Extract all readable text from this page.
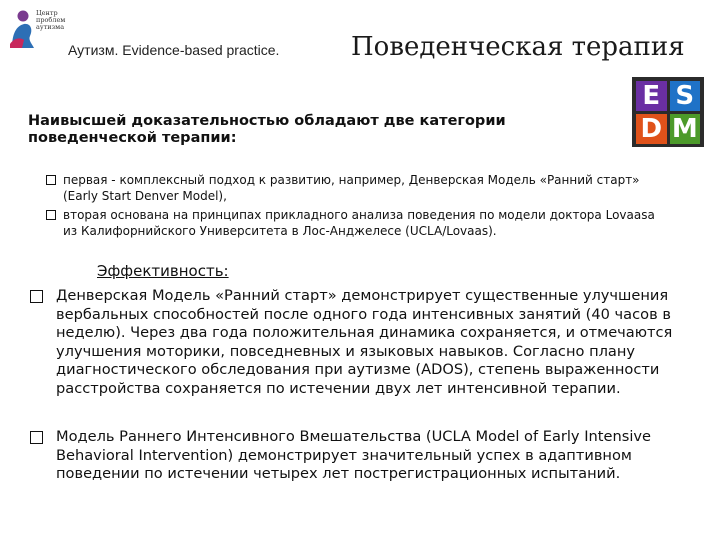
Центр проблем аутизма
Аутизм. Evidence-based practice.	Поведенческая терапия
E S
D M
Наивысшей доказательностью обладают две категории поведенческой терапии:
первая - комплексный подход к развитию, например, Денверская Модель «Ранний старт» (Early Start Denver Model),
вторая основана на принципах прикладного анализа поведения по модели доктора Lovaasa из Калифорнийского Университета в Лос-Анджелесе (UCLA/Lovaas).
Эффективность:
Денверская Модель «Ранний старт» демонстрирует существенные улучшения вербальных способностей после одного года интенсивных занятий (40 часов в неделю). Через два года положительная динамика сохраняется, и отмечаются улучшения моторики, повседневных и языковых навыков. Согласно плану диагностического обследования при аутизме (ADOS), степень выраженности расстройства сохраняется по истечении двух лет интенсивной терапии.
Модель Раннего Интенсивного Вмешательства (UCLA Model of Early Intensive Behavioral Intervention) демонстрирует значительный успех в адаптивном поведении по истечении четырех лет пострегистрационных испытаний.
